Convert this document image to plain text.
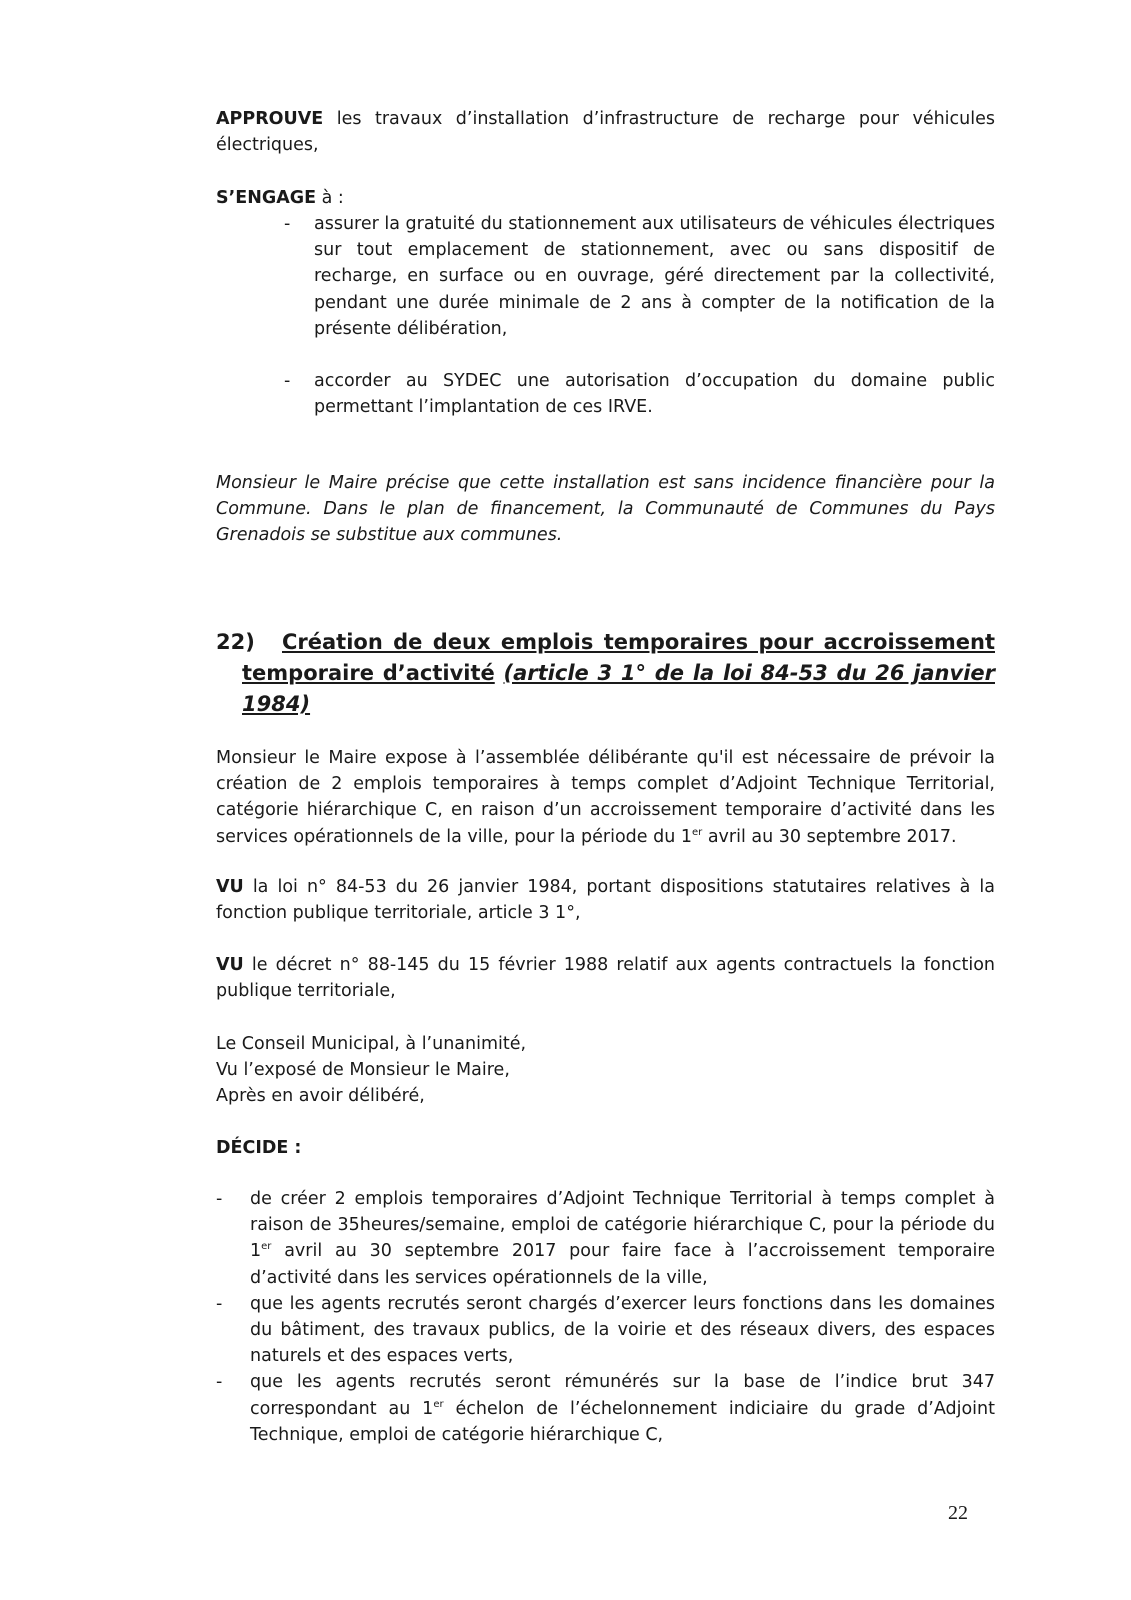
APPROUVE les travaux d’installation d’infrastructure de recharge pour véhicules électriques,
S’ENGAGE à :
- assurer la gratuité du stationnement aux utilisateurs de véhicules électriques sur tout emplacement de stationnement, avec ou sans dispositif de recharge, en surface ou en ouvrage, géré directement par la collectivité, pendant une durée minimale de 2 ans à compter de la notification de la présente délibération,
- accorder au SYDEC une autorisation d’occupation du domaine public permettant l’implantation de ces IRVE.
Monsieur le Maire précise que cette installation est sans incidence financière pour la Commune. Dans le plan de financement, la Communauté de Communes du Pays Grenadois se substitue aux communes.
22)	Création de deux emplois temporaires pour accroissement temporaire d’activité (article 3 1° de la loi 84-53 du 26 janvier 1984)
Monsieur le Maire expose à l’assemblée délibérante qu'il est nécessaire de prévoir la création de 2 emplois temporaires à temps complet d’Adjoint Technique Territorial, catégorie hiérarchique C, en raison d’un accroissement temporaire d’activité dans les services opérationnels de la ville, pour la période du 1er avril au 30 septembre 2017.
VU la loi n° 84-53 du 26 janvier 1984, portant dispositions statutaires relatives à la fonction publique territoriale, article 3 1°,
VU le décret n° 88-145 du 15 février 1988 relatif aux agents contractuels la fonction publique territoriale,
Le Conseil Municipal, à l’unanimité,
Vu l’exposé de Monsieur le Maire,
Après en avoir délibéré,
DÉCIDE :
- de créer 2 emplois temporaires d’Adjoint Technique Territorial à temps complet à raison de 35heures/semaine, emploi de catégorie hiérarchique C, pour la période du 1er avril au 30 septembre 2017 pour faire face à l’accroissement temporaire d’activité dans les services opérationnels de la ville,
- que les agents recrutés seront chargés d’exercer leurs fonctions dans les domaines du bâtiment, des travaux publics, de la voirie et des réseaux divers, des espaces naturels et des espaces verts,
- que les agents recrutés seront rémunérés sur la base de l’indice brut 347 correspondant au 1er échelon de l’échelonnement indiciaire du grade d’Adjoint Technique, emploi de catégorie hiérarchique C,
22
